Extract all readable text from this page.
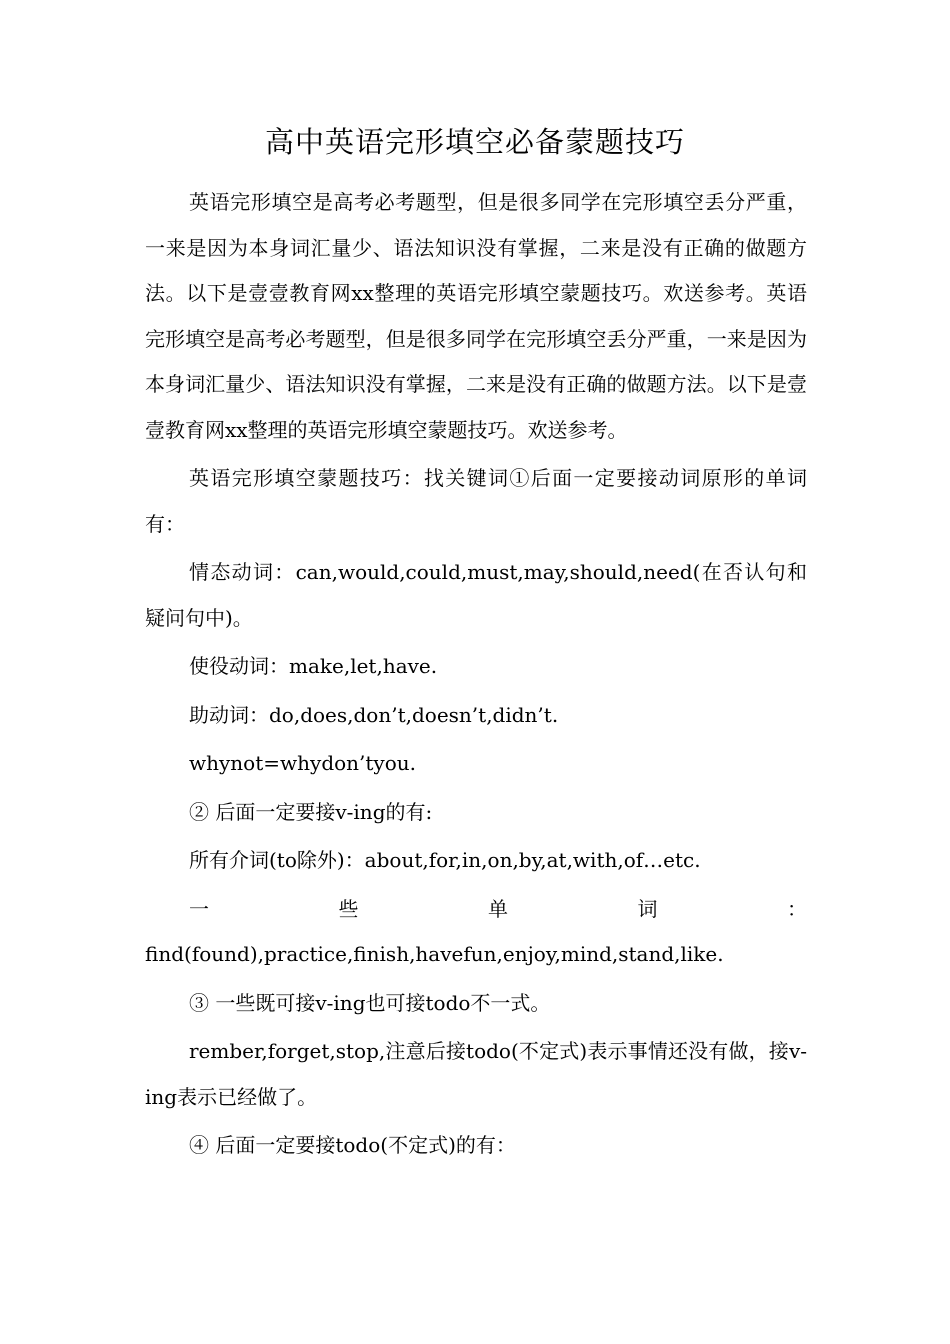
高中英语完形填空必备蒙题技巧

英语完形填空是高考必考题型，但是很多同学在完形填空丢分严重，一来是因为本身词汇量少、语法知识没有掌握，二来是没有正确的做题方法。以下是壹壹教育网xx整理的英语完形填空蒙题技巧。欢送参考。英语完形填空是高考必考题型，但是很多同学在完形填空丢分严重，一来是因为本身词汇量少、语法知识没有掌握，二来是没有正确的做题方法。以下是壹壹教育网xx整理的英语完形填空蒙题技巧。欢送参考。

英语完形填空蒙题技巧：找关键词①后面一定要接动词原形的单词有：

情态动词：can,would,could,must,may,should,need(在否认句和疑问句中)。

使役动词：make,let,have.

助动词：do,does,don’t,doesn’t,didn’t.

whynot=whydon’tyou.

② 后面一定要接v-ing的有:

所有介词(to除外)：about,for,in,on,by,at,with,of…etc.

一	些	单	词	：

find(found),practice,finish,havefun,enjoy,mind,stand,like.

③ 一些既可接v-ing也可接todo不一式。

rember,forget,stop,注意后接todo(不定式)表示事情还没有做，接v-ing表示已经做了。

④ 后面一定要接todo(不定式)的有：
